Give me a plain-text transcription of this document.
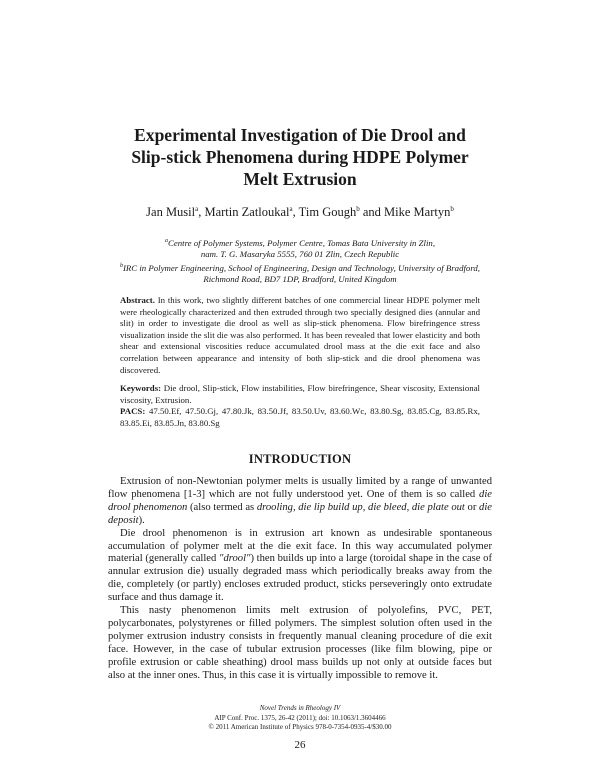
Experimental Investigation of Die Drool and
Slip-stick Phenomena during HDPE Polymer
Melt Extrusion
Jan Musil$^a$, Martin Zatloukal$^a$, Tim Gough$^b$ and Mike Martyn$^b$
$^a$Centre of Polymer Systems, Polymer Centre, Tomas Bata University in Zlin,
nam. T. G. Masaryka 5555, 760 01 Zlin, Czech Republic
$^b$IRC in Polymer Engineering, School of Engineering, Design and Technology, University of Bradford,
Richmond Road, BD7 1DP, Bradford, United Kingdom

Abstract. In this work, two slightly different batches of one commercial linear HDPE polymer melt were rheologically characterized and then extruded through two specially designed dies (annular and slit) in order to investigate die drool as well as slip-stick phenomena. Flow birefringence stress visualization inside the slit die was also performed. It has been revealed that lower elasticity and both shear and extensional viscosities reduce accumulated drool mass at the die exit face and also correlation between appearance and intensity of both slip-stick and die drool phenomena was discovered.

Keywords: Die drool, Slip-stick, Flow instabilities, Flow birefringence, Shear viscosity, Extensional viscosity, Extrusion.

PACS: 47.50.Ef, 47.50.Gj, 47.80.Jk, 83.50.Jf, 83.50.Uv, 83.60.Wc, 83.80.Sg, 83.85.Cg, 83.85.Rx, 83.85.Ei, 83.85.Jn, 83.80.Sg

INTRODUCTION

Extrusion of non-Newtonian polymer melts is usually limited by a range of unwanted flow phenomena [1-3] which are not fully understood yet. One of them is so called die drool phenomenon (also termed as drooling, die lip build up, die bleed, die plate out or die deposit).

Die drool phenomenon is in extrusion art known as undesirable spontaneous accumulation of polymer melt at the die exit face. In this way accumulated polymer material (generally called "drool") then builds up into a large (toroidal shape in the case of annular extrusion die) usually degraded mass which periodically breaks away from the die, completely (or partly) encloses extruded product, sticks perseveringly onto extrudate surface and thus damage it.

This nasty phenomenon limits melt extrusion of polyolefins, PVC, PET, polycarbonates, polystyrenes or filled polymers. The simplest solution often used in the polymer extrusion industry consists in frequently manual cleaning procedure of die exit face. However, in the case of tubular extrusion processes (like film blowing, pipe or profile extrusion or cable sheathing) drool mass builds up not only at outside faces but also at the inner ones. Thus, in this case it is virtually impossible to remove it.

Novel Trends in Rheology IV
AIP Conf. Proc. 1375, 26-42 (2011); doi: 10.1063/1.3604466
© 2011 American Institute of Physics 978-0-7354-0935-4/$30.00
26
